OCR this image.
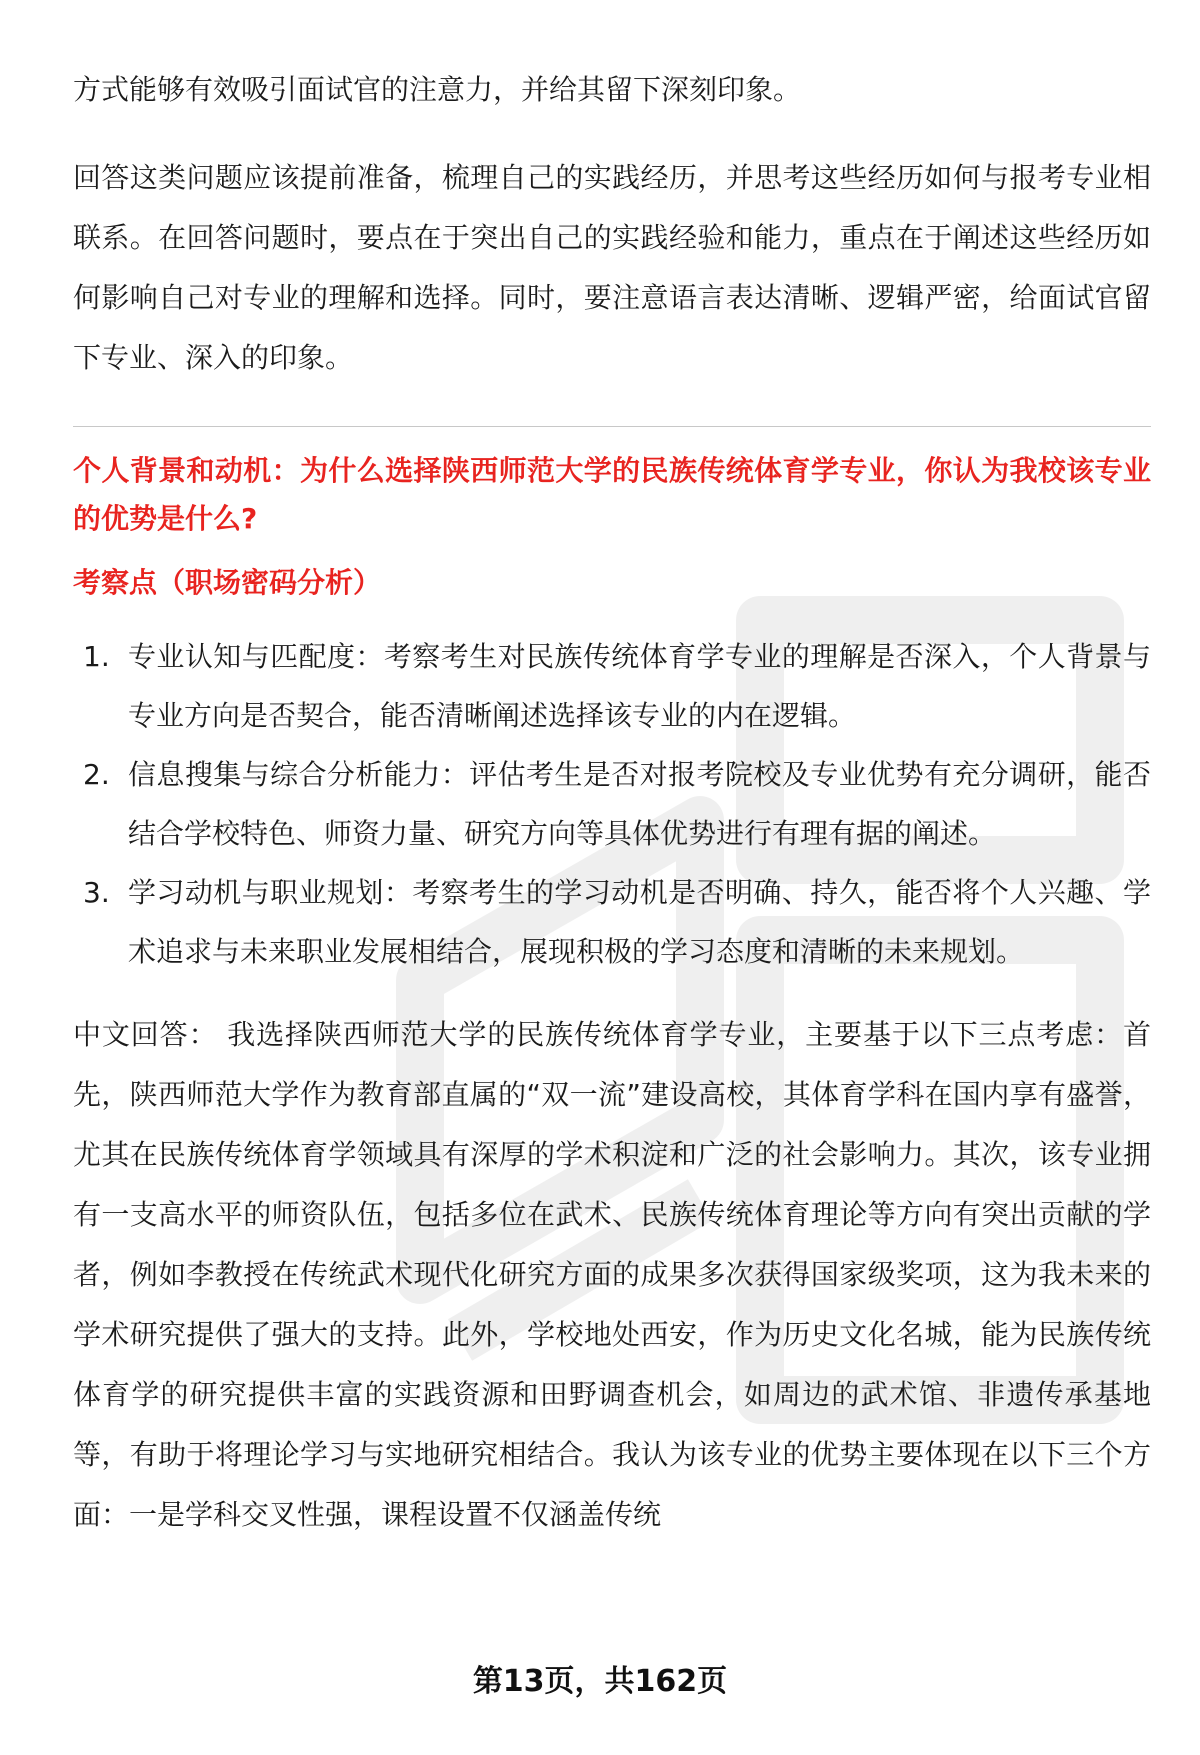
方式能够有效吸引面试官的注意力，并给其留下深刻印象。

回答这类问题应该提前准备，梳理自己的实践经历，并思考这些经历如何与报考专业相联系。在回答问题时，要点在于突出自己的实践经验和能力，重点在于阐述这些经历如何影响自己对专业的理解和选择。同时，要注意语言表达清晰、逻辑严密，给面试官留下专业、深入的印象。

个人背景和动机：为什么选择陕西师范大学的民族传统体育学专业，你认为我校该专业的优势是什么?

考察点（职场密码分析）

1. 专业认知与匹配度：考察考生对民族传统体育学专业的理解是否深入，个人背景与专业方向是否契合，能否清晰阐述选择该专业的内在逻辑。
2. 信息搜集与综合分析能力：评估考生是否对报考院校及专业优势有充分调研，能否结合学校特色、师资力量、研究方向等具体优势进行有理有据的阐述。
3. 学习动机与职业规划：考察考生的学习动机是否明确、持久，能否将个人兴趣、学术追求与未来职业发展相结合，展现积极的学习态度和清晰的未来规划。

中文回答： 我选择陕西师范大学的民族传统体育学专业，主要基于以下三点考虑：首先，陕西师范大学作为教育部直属的“双一流”建设高校，其体育学科在国内享有盛誉，尤其在民族传统体育学领域具有深厚的学术积淀和广泛的社会影响力。其次，该专业拥有一支高水平的师资队伍，包括多位在武术、民族传统体育理论等方向有突出贡献的学者，例如李教授在传统武术现代化研究方面的成果多次获得国家级奖项，这为我未来的学术研究提供了强大的支持。此外，学校地处西安，作为历史文化名城，能为民族传统体育学的研究提供丰富的实践资源和田野调查机会，如周边的武术馆、非遗传承基地等，有助于将理论学习与实地研究相结合。我认为该专业的优势主要体现在以下三个方面：一是学科交叉性强，课程设置不仅涵盖传统

第13页，共162页
